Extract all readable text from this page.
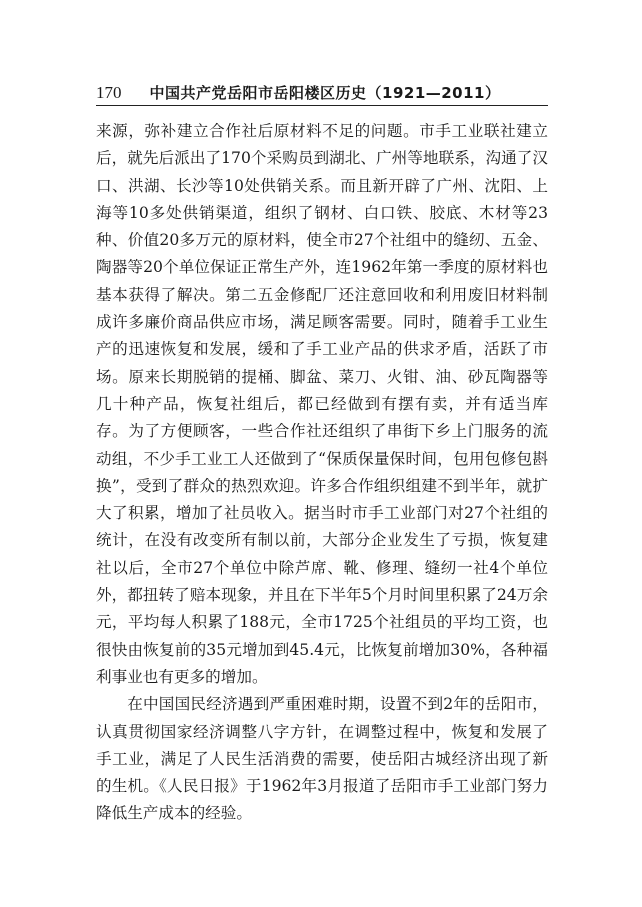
170 中国共产党岳阳市岳阳楼区历史（1921—2011）

来源，弥补建立合作社后原材料不足的问题。市手工业联社建立后，就先后派出了170个采购员到湖北、广州等地联系，沟通了汉口、洪湖、长沙等10处供销关系。而且新开辟了广州、沈阳、上海等10多处供销渠道，组织了钢材、白口铁、胶底、木材等23种、价值20多万元的原材料，使全市27个社组中的缝纫、五金、陶器等20个单位保证正常生产外，连1962年第一季度的原材料也基本获得了解决。第二五金修配厂还注意回收和利用废旧材料制成许多廉价商品供应市场，满足顾客需要。同时，随着手工业生产的迅速恢复和发展，缓和了手工业产品的供求矛盾，活跃了市场。原来长期脱销的提桶、脚盆、菜刀、火钳、油、砂瓦陶器等几十种产品，恢复社组后，都已经做到有摆有卖，并有适当库存。为了方便顾客，一些合作社还组织了串街下乡上门服务的流动组，不少手工业工人还做到了“保质保量保时间，包用包修包斟换”，受到了群众的热烈欢迎。许多合作组织组建不到半年，就扩大了积累，增加了社员收入。据当时市手工业部门对27个社组的统计，在没有改变所有制以前，大部分企业发生了亏损，恢复建社以后，全市27个单位中除芦席、靴、修理、缝纫一社4个单位外，都扭转了赔本现象，并且在下半年5个月时间里积累了24万余元，平均每人积累了188元，全市1725个社组员的平均工资，也很快由恢复前的35元增加到45.4元，比恢复前增加30%，各种福利事业也有更多的增加。

在中国国民经济遇到严重困难时期，设置不到2年的岳阳市，认真贯彻国家经济调整八字方针，在调整过程中，恢复和发展了手工业，满足了人民生活消费的需要，使岳阳古城经济出现了新的生机。《人民日报》于1962年3月报道了岳阳市手工业部门努力降低生产成本的经验。
